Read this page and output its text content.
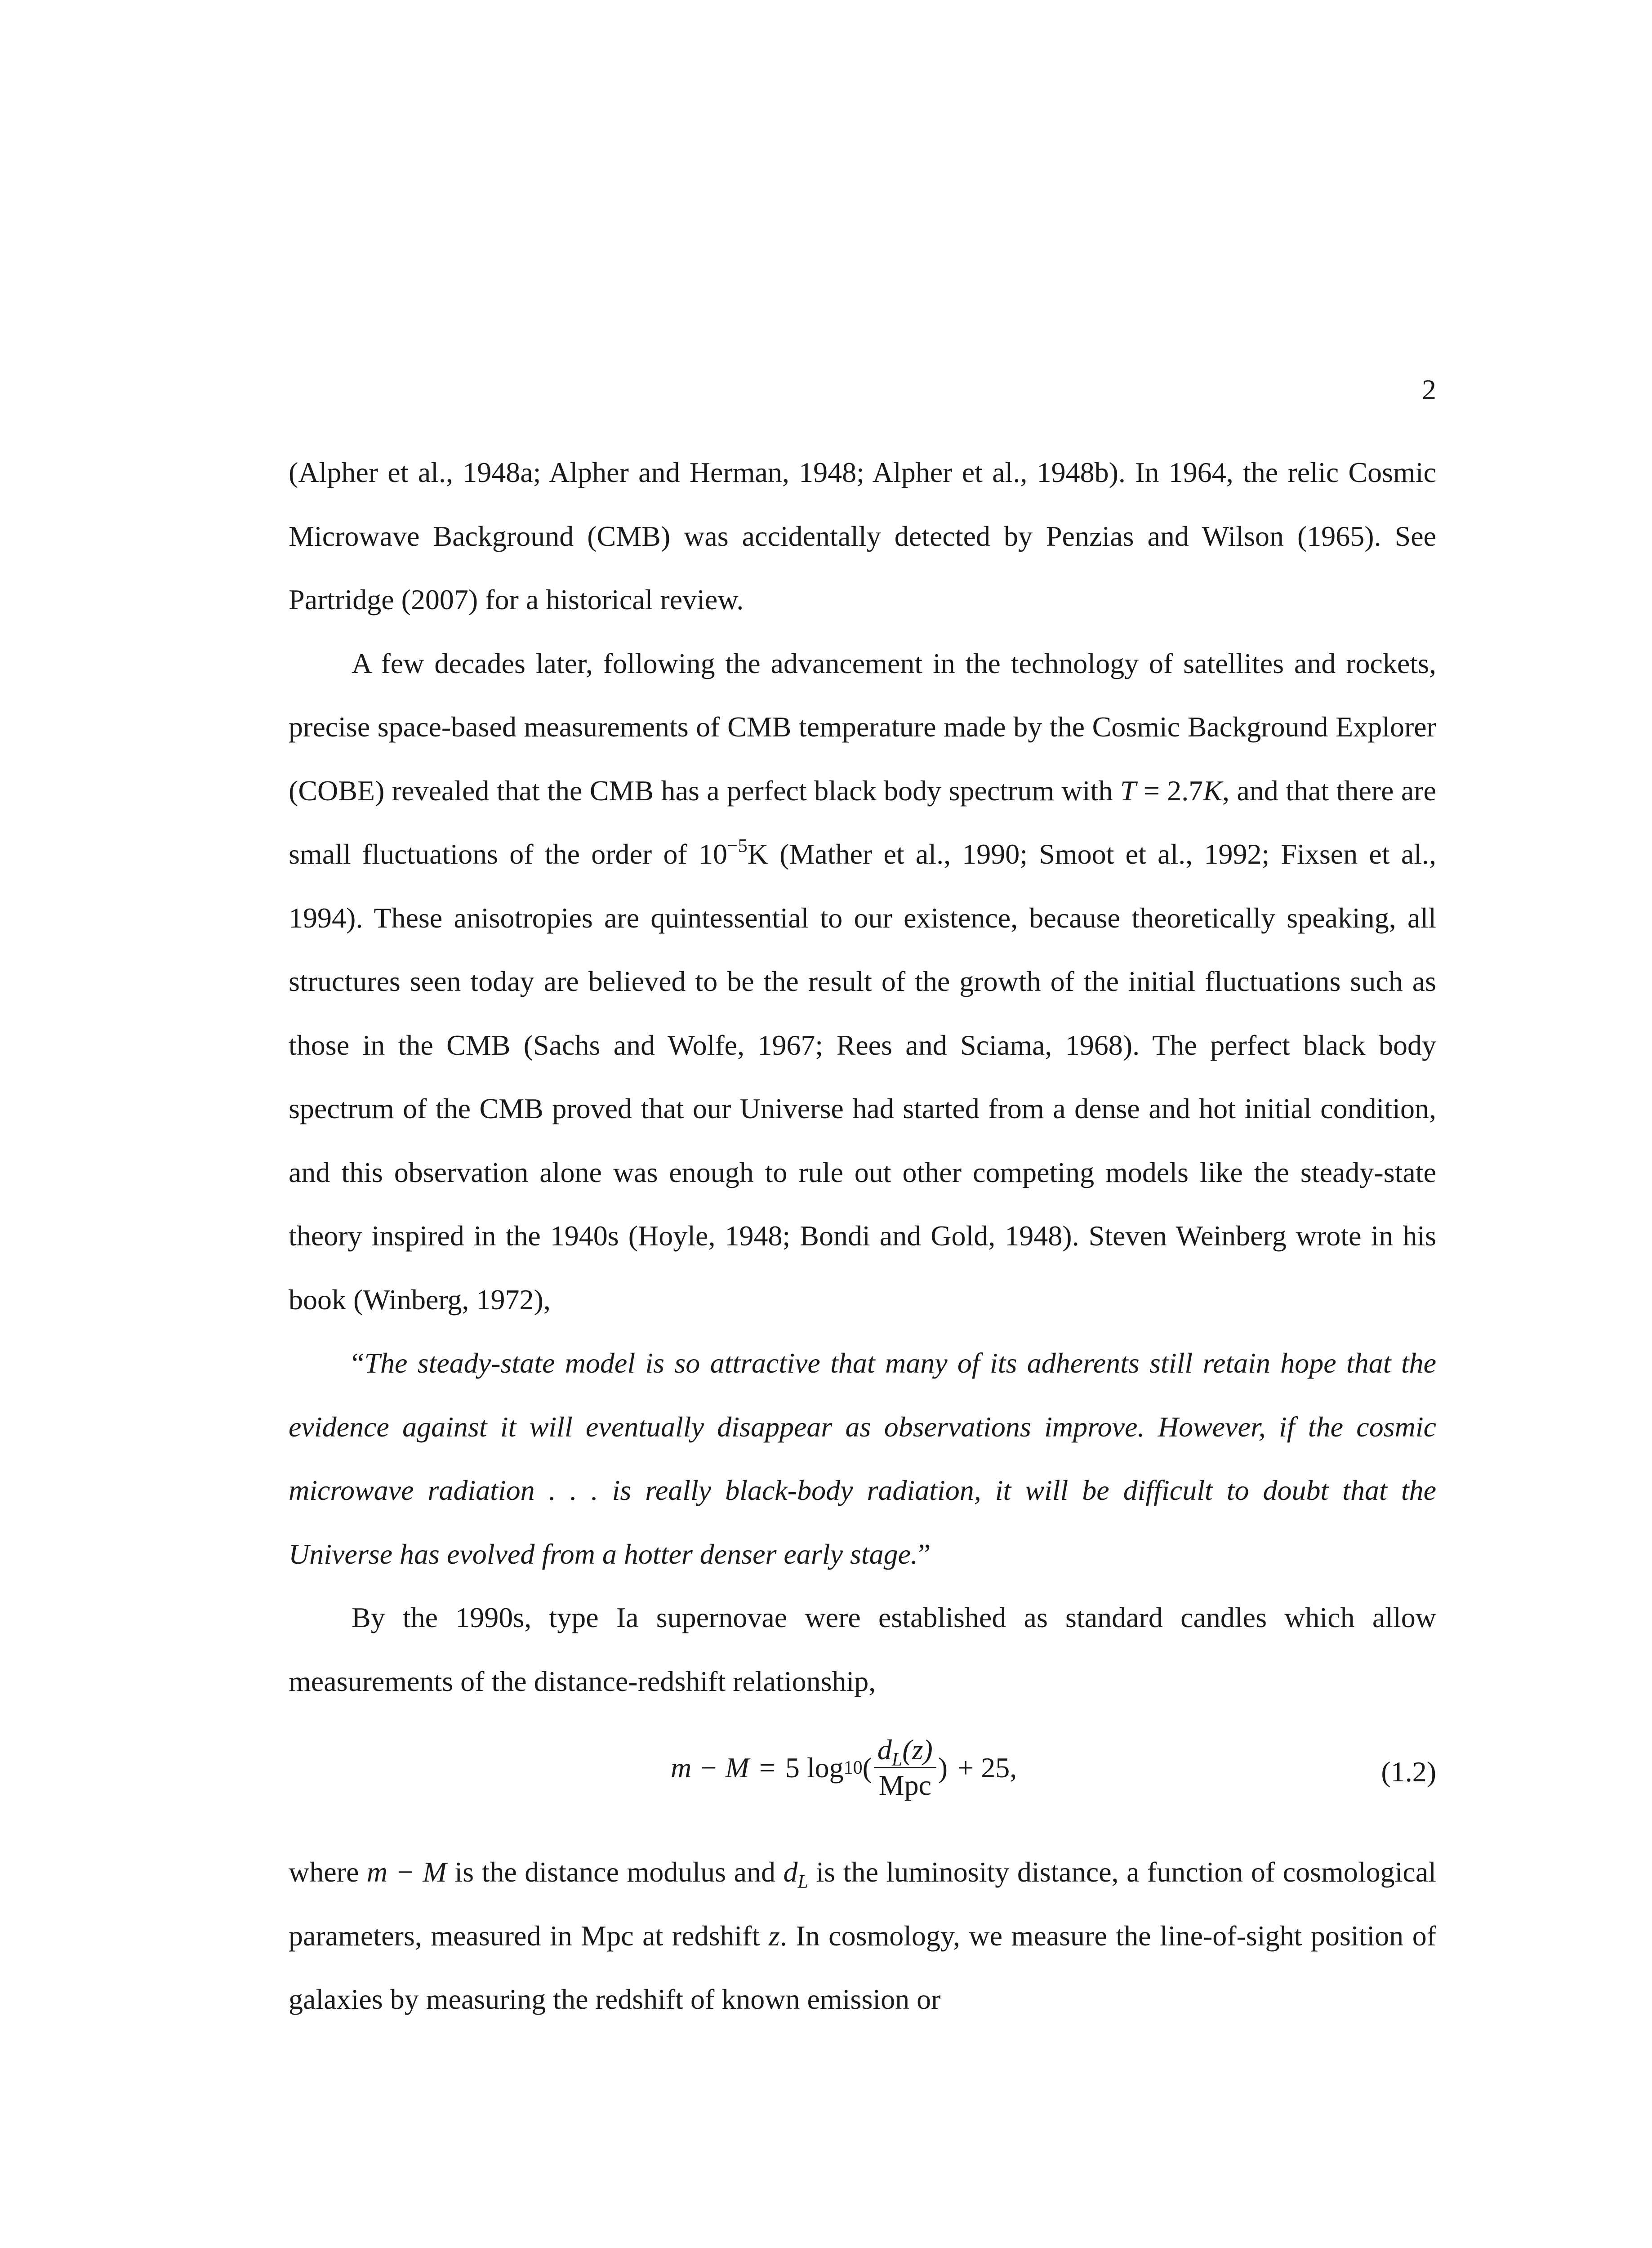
2

(Alpher et al., 1948a; Alpher and Herman, 1948; Alpher et al., 1948b). In 1964, the relic Cosmic Microwave Background (CMB) was accidentally detected by Penzias and Wilson (1965). See Partridge (2007) for a historical review.

A few decades later, following the advancement in the technology of satellites and rockets, precise space-based measurements of CMB temperature made by the Cosmic Background Explorer (COBE) revealed that the CMB has a perfect black body spectrum with T = 2.7K, and that there are small fluctuations of the order of $10^{-5}K$ (Mather et al., 1990; Smoot et al., 1992; Fixsen et al., 1994). These anisotropies are quintessential to our existence, because theoretically speaking, all structures seen today are believed to be the result of the growth of the initial fluctuations such as those in the CMB (Sachs and Wolfe, 1967; Rees and Sciama, 1968). The perfect black body spectrum of the CMB proved that our Universe had started from a dense and hot initial condition, and this observation alone was enough to rule out other competing models like the steady-state theory inspired in the 1940s (Hoyle, 1948; Bondi and Gold, 1948). Steven Weinberg wrote in his book (Winberg, 1972),

“The steady-state model is so attractive that many of its adherents still retain hope that the evidence against it will eventually disappear as observations improve. However, if the cosmic microwave radiation . . . is really black-body radiation, it will be difficult to doubt that the Universe has evolved from a hotter denser early stage.”

By the 1990s, type Ia supernovae were established as standard candles which allow measurements of the distance-redshift relationship,

m − M = 5 log 10 ( $\frac{d_L(z)}{\text{Mpc}}$ ) + 25,	(1.2)

where m − M is the distance modulus and $d_L$ is the luminosity distance, a function of cosmological parameters, measured in Mpc at redshift z. In cosmology, we measure the line-of-sight position of galaxies by measuring the redshift of known emission or
